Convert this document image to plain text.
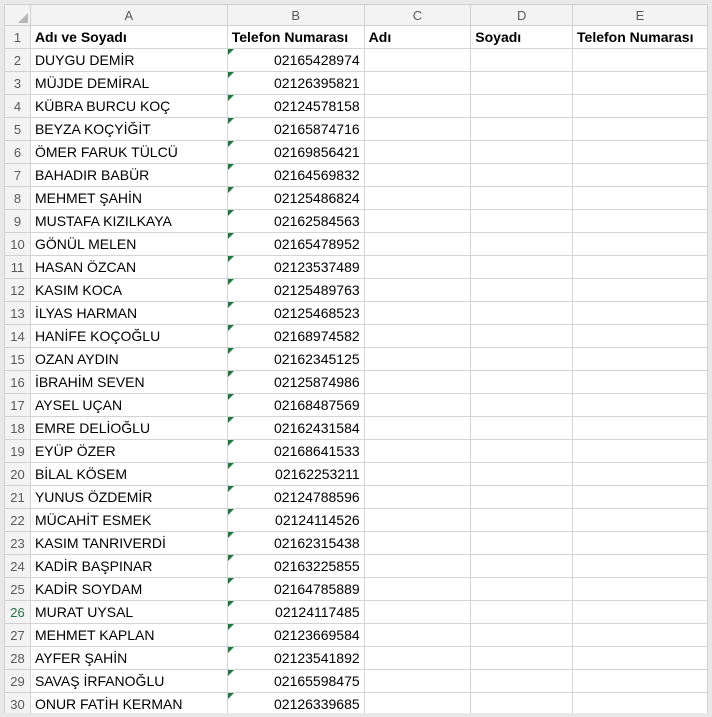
	A	B	C	D	E
1	Adı ve Soyadı	Telefon Numarası	Adı	Soyadı	Telefon Numarası
2	DUYGU DEMİR	02165428974			
3	MÜJDE DEMİRAL	02126395821			
4	KÜBRA BURCU KOÇ	02124578158			
5	BEYZA KOÇYİĞİT	02165874716			
6	ÖMER FARUK TÜLCÜ	02169856421			
7	BAHADIR BABÜR	02164569832			
8	MEHMET ŞAHİN	02125486824			
9	MUSTAFA KIZILKAYA	02162584563			
10	GÖNÜL MELEN	02165478952			
11	HASAN ÖZCAN	02123537489			
12	KASIM KOCA	02125489763			
13	İLYAS HARMAN	02125468523			
14	HANİFE KOÇOĞLU	02168974582			
15	OZAN AYDIN	02162345125			
16	İBRAHİM SEVEN	02125874986			
17	AYSEL UÇAN	02168487569			
18	EMRE DELİOĞLU	02162431584			
19	EYÜP ÖZER	02168641533			
20	BİLAL KÖSEM	02162253211			
21	YUNUS ÖZDEMİR	02124788596			
22	MÜCAHİT ESMEK	02124114526			
23	KASIM TANRIVERDİ	02162315438			
24	KADİR BAŞPINAR	02163225855			
25	KADİR SOYDAM	02164785889			
26	MURAT UYSAL	02124117485			
27	MEHMET KAPLAN	02123669584			
28	AYFER ŞAHİN	02123541892			
29	SAVAŞ İRFANOĞLU	02165598475			
30	ONUR FATİH KERMAN	02126339685			
